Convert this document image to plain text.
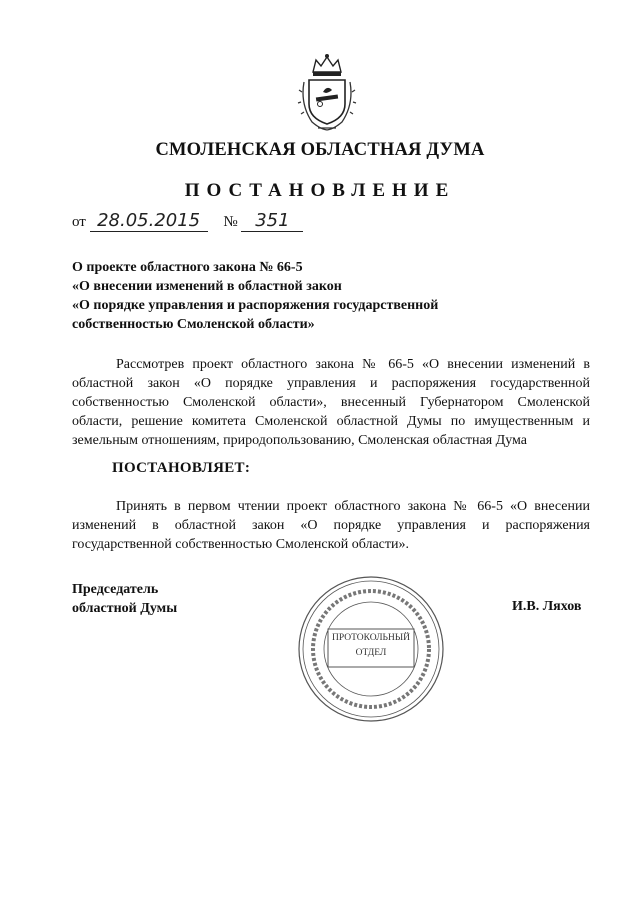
СМОЛЕНСКАЯ ОБЛАСТНАЯ ДУМА
ПОСТАНОВЛЕНИЕ
от 28.05.2015 № 351
О проекте областного закона № 66-5
«О внесении изменений в областной закон
«О порядке управления и распоряжения государственной
собственностью Смоленской области»
Рассмотрев проект областного закона № 66-5 «О внесении изменений в областной закон «О порядке управления и распоряжения государственной собственностью Смоленской области», внесенный Губернатором Смоленской области, решение комитета Смоленской областной Думы по имущественным и земельным отношениям, природопользованию, Смоленская областная Дума
ПОСТАНОВЛЯЕТ:
Принять в первом чтении проект областного закона № 66-5 «О внесении изменений в областной закон «О порядке управления и распоряжения государственной собственностью Смоленской области».
Председатель
областной Думы	И.В. Ляхов
ПРОТОКОЛЬНЫЙ
ОТДЕЛ
